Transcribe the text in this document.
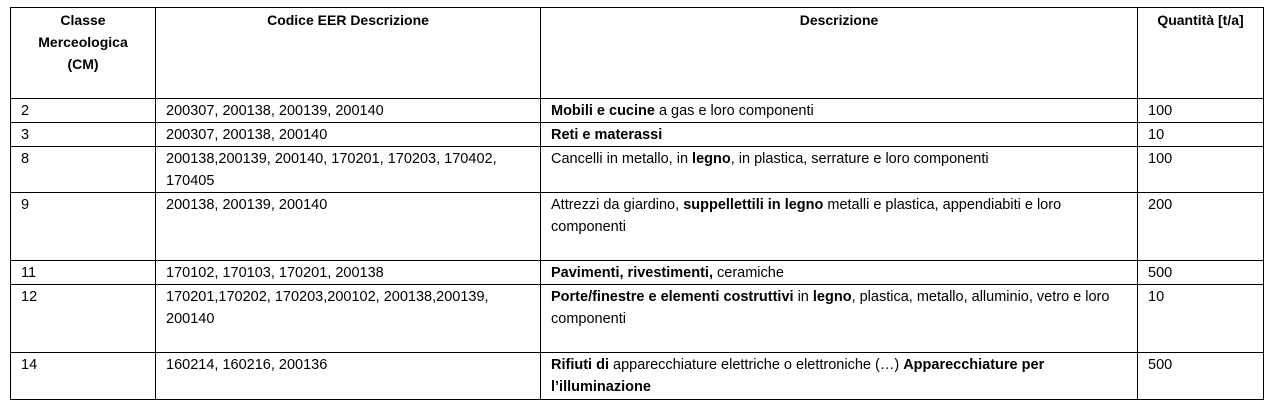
Classe Merceologica (CM)	Codice EER Descrizione	Descrizione	Quantità [t/a]
2	200307, 200138, 200139, 200140	Mobili e cucine a gas e loro componenti	100
3	200307, 200138, 200140	Reti e materassi	10
8	200138,200139, 200140, 170201, 170203, 170402, 170405	Cancelli in metallo, in legno, in plastica, serrature e loro componenti	100
9	200138, 200139, 200140	Attrezzi da giardino, suppellettili in legno metalli e plastica, appendiabiti e loro componenti	200
11	170102, 170103, 170201, 200138	Pavimenti, rivestimenti, ceramiche	500
12	170201,170202, 170203,200102, 200138,200139, 200140	Porte/finestre e elementi costruttivi in legno, plastica, metallo, alluminio, vetro e loro componenti	10
14	160214, 160216, 200136	Rifiuti di apparecchiature elettriche o elettroniche (…) Apparecchiature per l’illuminazione	500
